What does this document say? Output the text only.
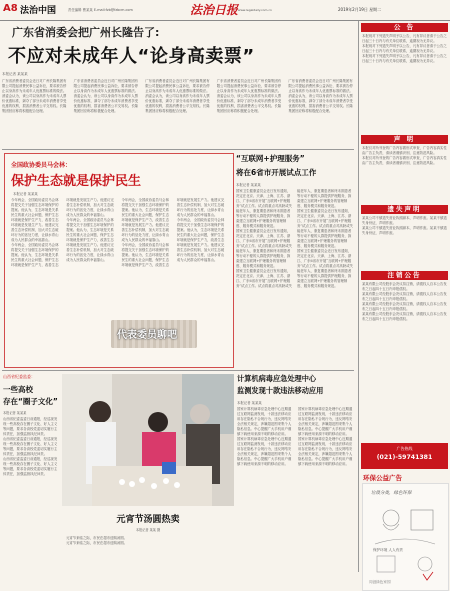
A8 法治中国	责任编辑 曹某某 E-mail:fzb@fzbcm.com	法治日报 www.legaldaily.com.cn	2019年2月19日 星期二
广东省消委会把广州长隆告了:
不应对未成年人“论身高卖票”
本报记者 某某某

广东省消费者委员会近日对广州长隆集团有限公司提起消费民事公益诉讼，要求被告停止以身高作为未成年人优惠票标准的做法。消委会认为，该公司以身高作为未成年人票价优惠标准，剥夺了部分未成年消费者享受优惠的权利，损害消费者公平交易权。长隆集团回应称将积极配合处理。

广东省消费者委员会近日对广州长隆集团有限公司提起消费民事公益诉讼，要求被告停止以身高作为未成年人优惠票标准的做法。消委会认为，该公司以身高作为未成年人票价优惠标准，剥夺了部分未成年消费者享受优惠的权利，损害消费者公平交易权。长隆集团回应称将积极配合处理。

广东省消费者委员会近日对广州长隆集团有限公司提起消费民事公益诉讼，要求被告停止以身高作为未成年人优惠票标准的做法。消委会认为，该公司以身高作为未成年人票价优惠标准，剥夺了部分未成年消费者享受优惠的权利，损害消费者公平交易权。长隆集团回应称将积极配合处理。

广东省消费者委员会近日对广州长隆集团有限公司提起消费民事公益诉讼，要求被告停止以身高作为未成年人优惠票标准的做法。消委会认为，该公司以身高作为未成年人票价优惠标准，剥夺了部分未成年消费者享受优惠的权利，损害消费者公平交易权。长隆集团回应称将积极配合处理。

广东省消费者委员会近日对广州长隆集团有限公司提起消费民事公益诉讼，要求被告停止以身高作为未成年人优惠票标准的做法。消委会认为，该公司以身高作为未成年人票价优惠标准，剥夺了部分未成年消费者享受优惠的权利，损害消费者公平交易权。长隆集团回应称将积极配合处理。

全国政协委员马会林：
保护生态就是保护民生
本报记者 某某某

今年两会，全国政协委员马会林将提交关于加强生态环境保护的提案。他认为，生态环境是关系民生的重大社会问题，保护生态环境就是保护生产力，改善生态环境就是发展生产力。他建议完善生态补偿机制，加大对生态破坏行为的惩处力度，让绿水青山成为人民群众的幸福靠山。

今年两会，全国政协委员马会林将提交关于加强生态环境保护的提案。他认为，生态环境是关系民生的重大社会问题，保护生态环境就是保护生产力，改善生态环境就是发展生产力。他建议完善生态补偿机制，加大对生态破坏行为的惩处力度，让绿水青山成为人民群众的幸福靠山。

今年两会，全国政协委员马会林将提交关于加强生态环境保护的提案。他认为，生态环境是关系民生的重大社会问题，保护生态环境就是保护生产力，改善生态环境就是发展生产力。他建议完善生态补偿机制，加大对生态破坏行为的惩处力度，让绿水青山成为人民群众的幸福靠山。

今年两会，全国政协委员马会林将提交关于加强生态环境保护的提案。他认为，生态环境是关系民生的重大社会问题，保护生态环境就是保护生产力，改善生态环境就是发展生产力。他建议完善生态补偿机制，加大对生态破坏行为的惩处力度，让绿水青山成为人民群众的幸福靠山。

今年两会，全国政协委员马会林将提交关于加强生态环境保护的提案。他认为，生态环境是关系民生的重大社会问题，保护生态环境就是保护生产力，改善生态环境就是发展生产力。他建议完善生态补偿机制，加大对生态破坏行为的惩处力度，让绿水青山成为人民群众的幸福靠山。

今年两会，全国政协委员马会林将提交关于加强生态环境保护的提案。他认为，生态环境是关系民生的重大社会问题，保护生态环境就是保护生产力，改善生态环境就是发展生产力。他建议完善生态补偿机制，加大对生态破坏行为的惩处力度，让绿水青山成为人民群众的幸福靠山。

代表委员聊吧
“互联网+护理服务”
将在6省市开展试点工作
本报记者 某某某

国家卫生健康委员会近日发布通知，决定在北京、天津、上海、江苏、浙江、广东6省市开展“互联网+护理服务”试点工作。试点将重点对高龄或失能老年人、康复期患者和终末期患者等行动不便的人群提供护理服务，探索建立互联网+护理服务的管理制度、服务模式和服务规范。

国家卫生健康委员会近日发布通知，决定在北京、天津、上海、江苏、浙江、广东6省市开展“互联网+护理服务”试点工作。试点将重点对高龄或失能老年人、康复期患者和终末期患者等行动不便的人群提供护理服务，探索建立互联网+护理服务的管理制度、服务模式和服务规范。

国家卫生健康委员会近日发布通知，决定在北京、天津、上海、江苏、浙江、广东6省市开展“互联网+护理服务”试点工作。试点将重点对高龄或失能老年人、康复期患者和终末期患者等行动不便的人群提供护理服务，探索建立互联网+护理服务的管理制度、服务模式和服务规范。

国家卫生健康委员会近日发布通知，决定在北京、天津、上海、江苏、浙江、广东6省市开展“互联网+护理服务”试点工作。试点将重点对高龄或失能老年人、康复期患者和终末期患者等行动不便的人群提供护理服务，探索建立互联网+护理服务的管理制度、服务模式和服务规范。

国家卫生健康委员会近日发布通知，决定在北京、天津、上海、江苏、浙江、广东6省市开展“互联网+护理服务”试点工作。试点将重点对高龄或失能老年人、康复期患者和终末期患者等行动不便的人群提供护理服务，探索建立互联网+护理服务的管理制度、服务模式和服务规范。

山西省纪委监委：
一些高校
存在“圈子文化”
本报记者 某某某

山西省纪委监委日前通报，经巡视发现一些高校存在圈子文化、好人主义等问题，要求各高校党委切实履行主体责任，加强监督执纪问责。

山西省纪委监委日前通报，经巡视发现一些高校存在圈子文化、好人主义等问题，要求各高校党委切实履行主体责任，加强监督执纪问责。

山西省纪委监委日前通报，经巡视发现一些高校存在圈子文化、好人主义等问题，要求各高校党委切实履行主体责任，加强监督执纪问责。

元宵节汤圆热卖
本报记者 某某 摄

元宵节来临之际，市民在超市选购汤圆。

元宵节来临之际，市民在超市选购汤圆。

计算机病毒应急处理中心
监测发现十款违法移动应用
本报记者 某某某

国家计算机病毒应急处理中心近期通过互联网监测发现，十款违法移动应用存在隐私不合规行为，违反网络安全法相关规定，涉嫌超范围采集个人隐私信息。中心提醒广大手机用户谨慎下载使用来源不明的移动应用。

国家计算机病毒应急处理中心近期通过互联网监测发现，十款违法移动应用存在隐私不合规行为，违反网络安全法相关规定，涉嫌超范围采集个人隐私信息。中心提醒广大手机用户谨慎下载使用来源不明的移动应用。

国家计算机病毒应急处理中心近期通过互联网监测发现，十款违法移动应用存在隐私不合规行为，违反网络安全法相关规定，涉嫌超范围采集个人隐私信息。中心提醒广大手机用户谨慎下载使用来源不明的移动应用。

国家计算机病毒应急处理中心近期通过互联网监测发现，十款违法移动应用存在隐私不合规行为，违反网络安全法相关规定，涉嫌超范围采集个人隐私信息。中心提醒广大手机用户谨慎下载使用来源不明的移动应用。

公 告

本报现对下列遗失声明予以公告，凡有异议者请于公告之日起三十日内与有关单位联系，逾期视为无异议。

本报现对下列遗失声明予以公告，凡有异议者请于公告之日起三十日内与有关单位联系，逾期视为无异议。

本报现对下列遗失声明予以公告，凡有异议者请于公告之日起三十日内与有关单位联系，逾期视为无异议。

声 明

本报仅对所刊登的广告内容做形式审查，广告内容真实性由广告主负责，请读者谨慎识别，注意防范风险。

本报仅对所刊登的广告内容做形式审查，广告内容真实性由广告主负责，请读者谨慎识别，注意防范风险。

遗失声明

某某公司不慎遗失营业执照副本，声明作废。某某不慎遗失身份证，声明作废。

某某公司不慎遗失营业执照副本，声明作废。某某不慎遗失身份证，声明作废。

注销公告

某某有限公司经股东会决议拟注销，请债权人自本公告发布之日起四十五日内申报债权。

某某有限公司经股东会决议拟注销，请债权人自本公告发布之日起四十五日内申报债权。

某某有限公司经股东会决议拟注销，请债权人自本公告发布之日起四十五日内申报债权。

某某有限公司经股东会决议拟注销，请债权人自本公告发布之日起四十五日内申报债权。

广告热线
(021)-59741381
环保公益广告
垃圾分类，绿色环保
保护环境 人人有责
同创绿色家园
